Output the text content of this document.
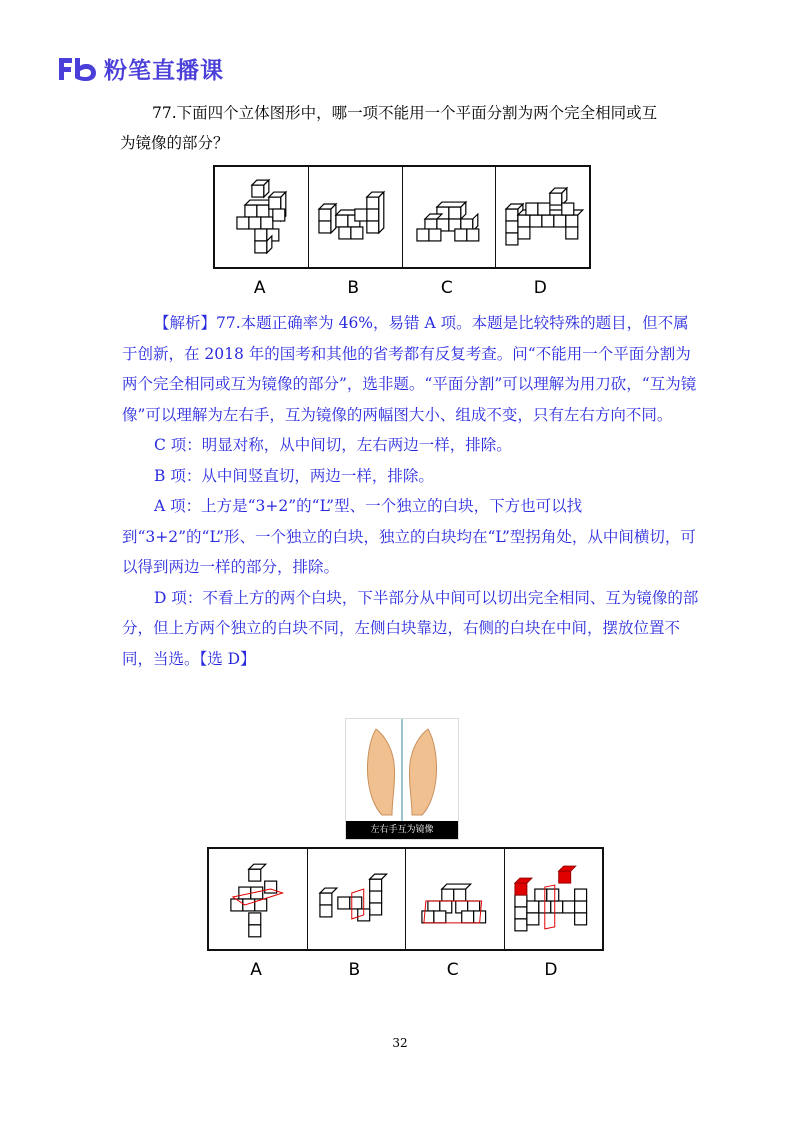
粉笔直播课
77.下面四个立体图形中，哪一项不能用一个平面分割为两个完全相同或互
为镜像的部分？
A	B	C	D

【解析】77.本题正确率为 46%，易错 A 项。本题是比较特殊的题目，但不属于创新，在 2018 年的国考和其他的省考都有反复考查。问“不能用一个平面分割为两个完全相同或互为镜像的部分”，选非题。“平面分割”可以理解为用刀砍，“互为镜像”可以理解为左右手，互为镜像的两幅图大小、组成不变，只有左右方向不同。

C 项：明显对称，从中间切，左右两边一样，排除。

B 项：从中间竖直切，两边一样，排除。

A 项：上方是“3+2”的“L”型、一个独立的白块，下方也可以找到“3+2”的“L”形、一个独立的白块，独立的白块均在“L”型拐角处，从中间横切，可以得到两边一样的部分，排除。

D 项：不看上方的两个白块，下半部分从中间可以切出完全相同、互为镜像的部分，但上方两个独立的白块不同，左侧白块靠边，右侧的白块在中间，摆放位置不同，当选。【选 D】

左右手互为镜像
A	B	C	D
32
